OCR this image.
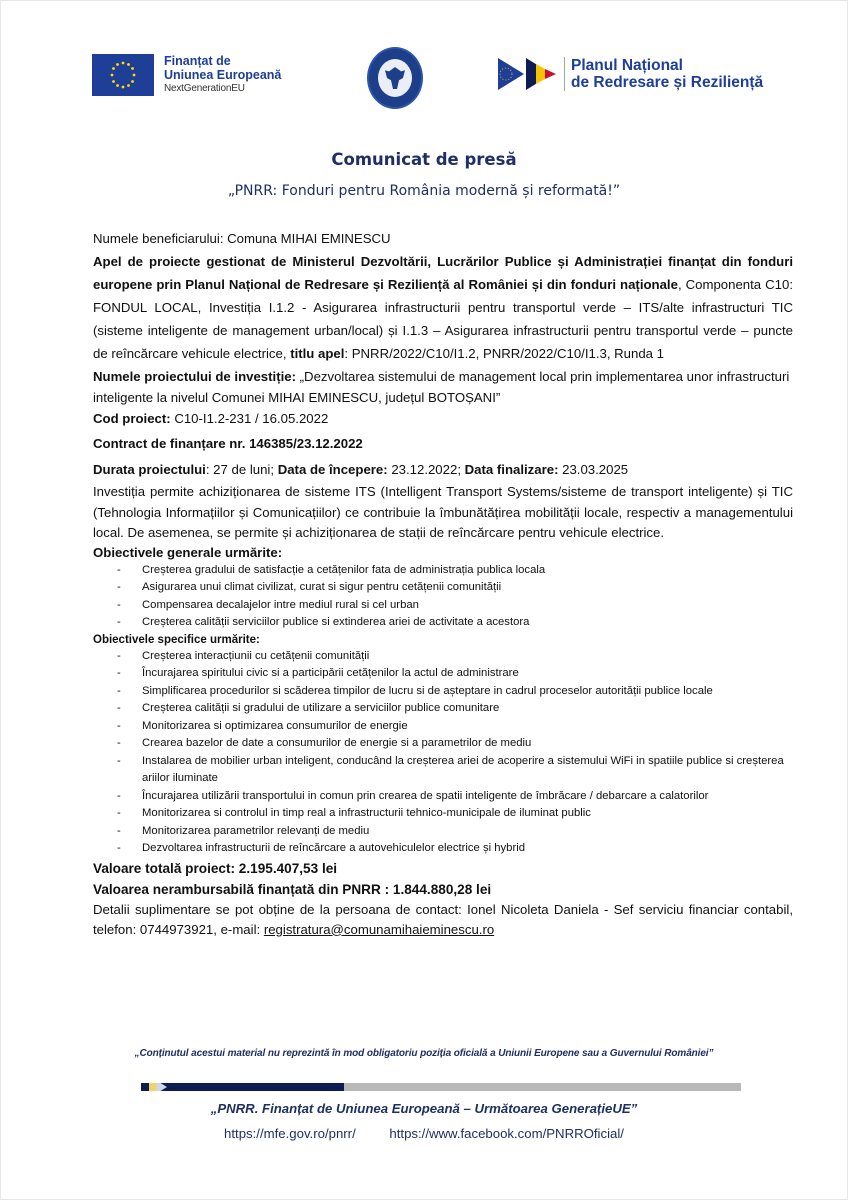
Finanțat de
Uniunea Europeană
NextGenerationEU
Planul Național
de Redresare și Reziliență
Comunicat de presă
„PNRR: Fonduri pentru România modernă și reformată!”

Numele beneficiarului: Comuna MIHAI EMINESCU

Apel de proiecte gestionat de Ministerul Dezvoltării, Lucrărilor Publice și Administrației finanțat din fonduri europene prin Planul Național de Redresare și Reziliență al României și din fonduri naționale, Componenta C10: FONDUL LOCAL, Investiția I.1.2 - Asigurarea infrastructurii pentru transportul verde – ITS/alte infrastructuri TIC (sisteme inteligente de management urban/local) și I.1.3 – Asigurarea infrastructurii pentru transportul verde – puncte de reîncărcare vehicule electrice, titlu apel: PNRR/2022/C10/I1.2, PNRR/2022/C10/I1.3, Runda 1

Numele proiectului de investiție: „Dezvoltarea sistemului de management local prin implementarea unor infrastructuri inteligente la nivelul Comunei MIHAI EMINESCU, județul BOTOȘANI”

Cod proiect: C10-I1.2-231 / 16.05.2022

Contract de finanțare nr. 146385/23.12.2022

Durata proiectului: 27 de luni; Data de începere: 23.12.2022; Data finalizare: 23.03.2025

Investiția permite achiziționarea de sisteme ITS (Intelligent Transport Systems/sisteme de transport inteligente) și TIC (Tehnologia Informațiilor și Comunicațiilor) ce contribuie la îmbunătățirea mobilității locale, respectiv a managementului local. De asemenea, se permite și achiziționarea de stații de reîncărcare pentru vehicule electrice.

Obiectivele generale urmărite:

- Creșterea gradului de satisfacție a cetățenilor fata de administrația publica locala
- Asigurarea unui climat civilizat, curat si sigur pentru cetățenii comunității
- Compensarea decalajelor intre mediul rural si cel urban
- Creșterea calității serviciilor publice si extinderea ariei de activitate a acestora

Obiectivele specifice urmărite:

- Creșterea interacțiunii cu cetățenii comunității
- Încurajarea spiritului civic si a participării cetățenilor la actul de administrare
- Simplificarea procedurilor si scăderea timpilor de lucru si de așteptare in cadrul proceselor autorității publice locale
- Creșterea calității si gradului de utilizare a serviciilor publice comunitare
- Monitorizarea si optimizarea consumurilor de energie
- Crearea bazelor de date a consumurilor de energie si a parametrilor de mediu
- Instalarea de mobilier urban inteligent, conducând la creșterea ariei de acoperire a sistemului WiFi in spatiile publice si creșterea ariilor iluminate
- Încurajarea utilizării transportului in comun prin crearea de spatii inteligente de îmbrăcare / debarcare a calatorilor
- Monitorizarea si controlul in timp real a infrastructurii tehnico-municipale de iluminat public
- Monitorizarea parametrilor relevanți de mediu
- Dezvoltarea infrastructurii de reîncărcare a autovehiculelor electrice și hybrid

Valoare totală proiect: 2.195.407,53 lei

Valoarea nerambursabilă finanțată din PNRR : 1.844.880,28 lei

Detalii suplimentare se pot obține de la persoana de contact: Ionel Nicoleta Daniela - Sef serviciu financiar contabil, telefon: 0744973921, e-mail: registratura@comunamihaieminescu.ro

„Conținutul acestui material nu reprezintă în mod obligatoriu poziția oficială a Uniunii Europene sau a Guvernului României”
„PNRR. Finanțat de Uniunea Europeană – Următoarea GenerațieUE”
https://mfe.gov.ro/pnrr/	https://www.facebook.com/PNRROficial/
